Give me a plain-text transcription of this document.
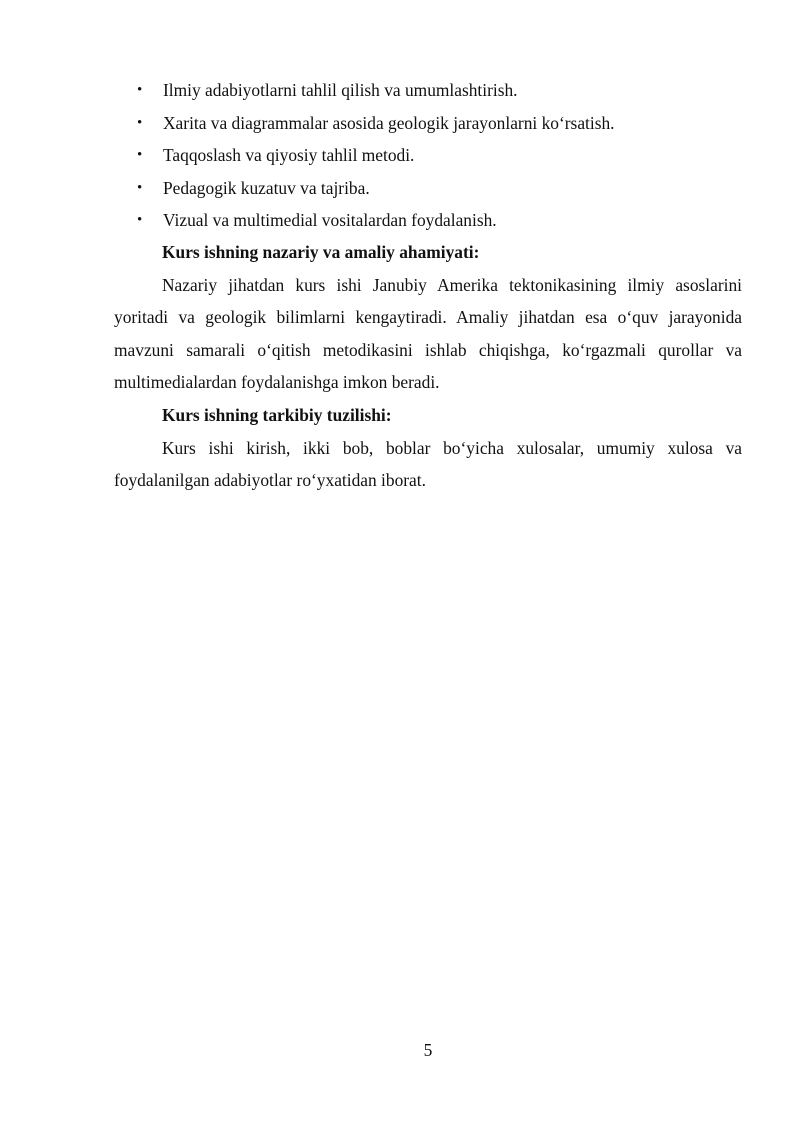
• Ilmiy adabiyotlarni tahlil qilish va umumlashtirish.
• Xarita va diagrammalar asosida geologik jarayonlarni ko‘rsatish.
• Taqqoslash va qiyosiy tahlil metodi.
• Pedagogik kuzatuv va tajriba.
• Vizual va multimedial vositalardan foydalanish.
Kurs ishning nazariy va amaliy ahamiyati:

Nazariy jihatdan kurs ishi Janubiy Amerika tektonikasining ilmiy asoslarini yoritadi va geologik bilimlarni kengaytiradi. Amaliy jihatdan esa o‘quv jarayonida mavzuni samarali o‘qitish metodikasini ishlab chiqishga, ko‘rgazmali qurollar va multimedialardan foydalanishga imkon beradi.

Kurs ishning tarkibiy tuzilishi:

Kurs ishi kirish, ikki bob, boblar bo‘yicha xulosalar, umumiy xulosa va foydalanilgan adabiyotlar ro‘yxatidan iborat.

5
